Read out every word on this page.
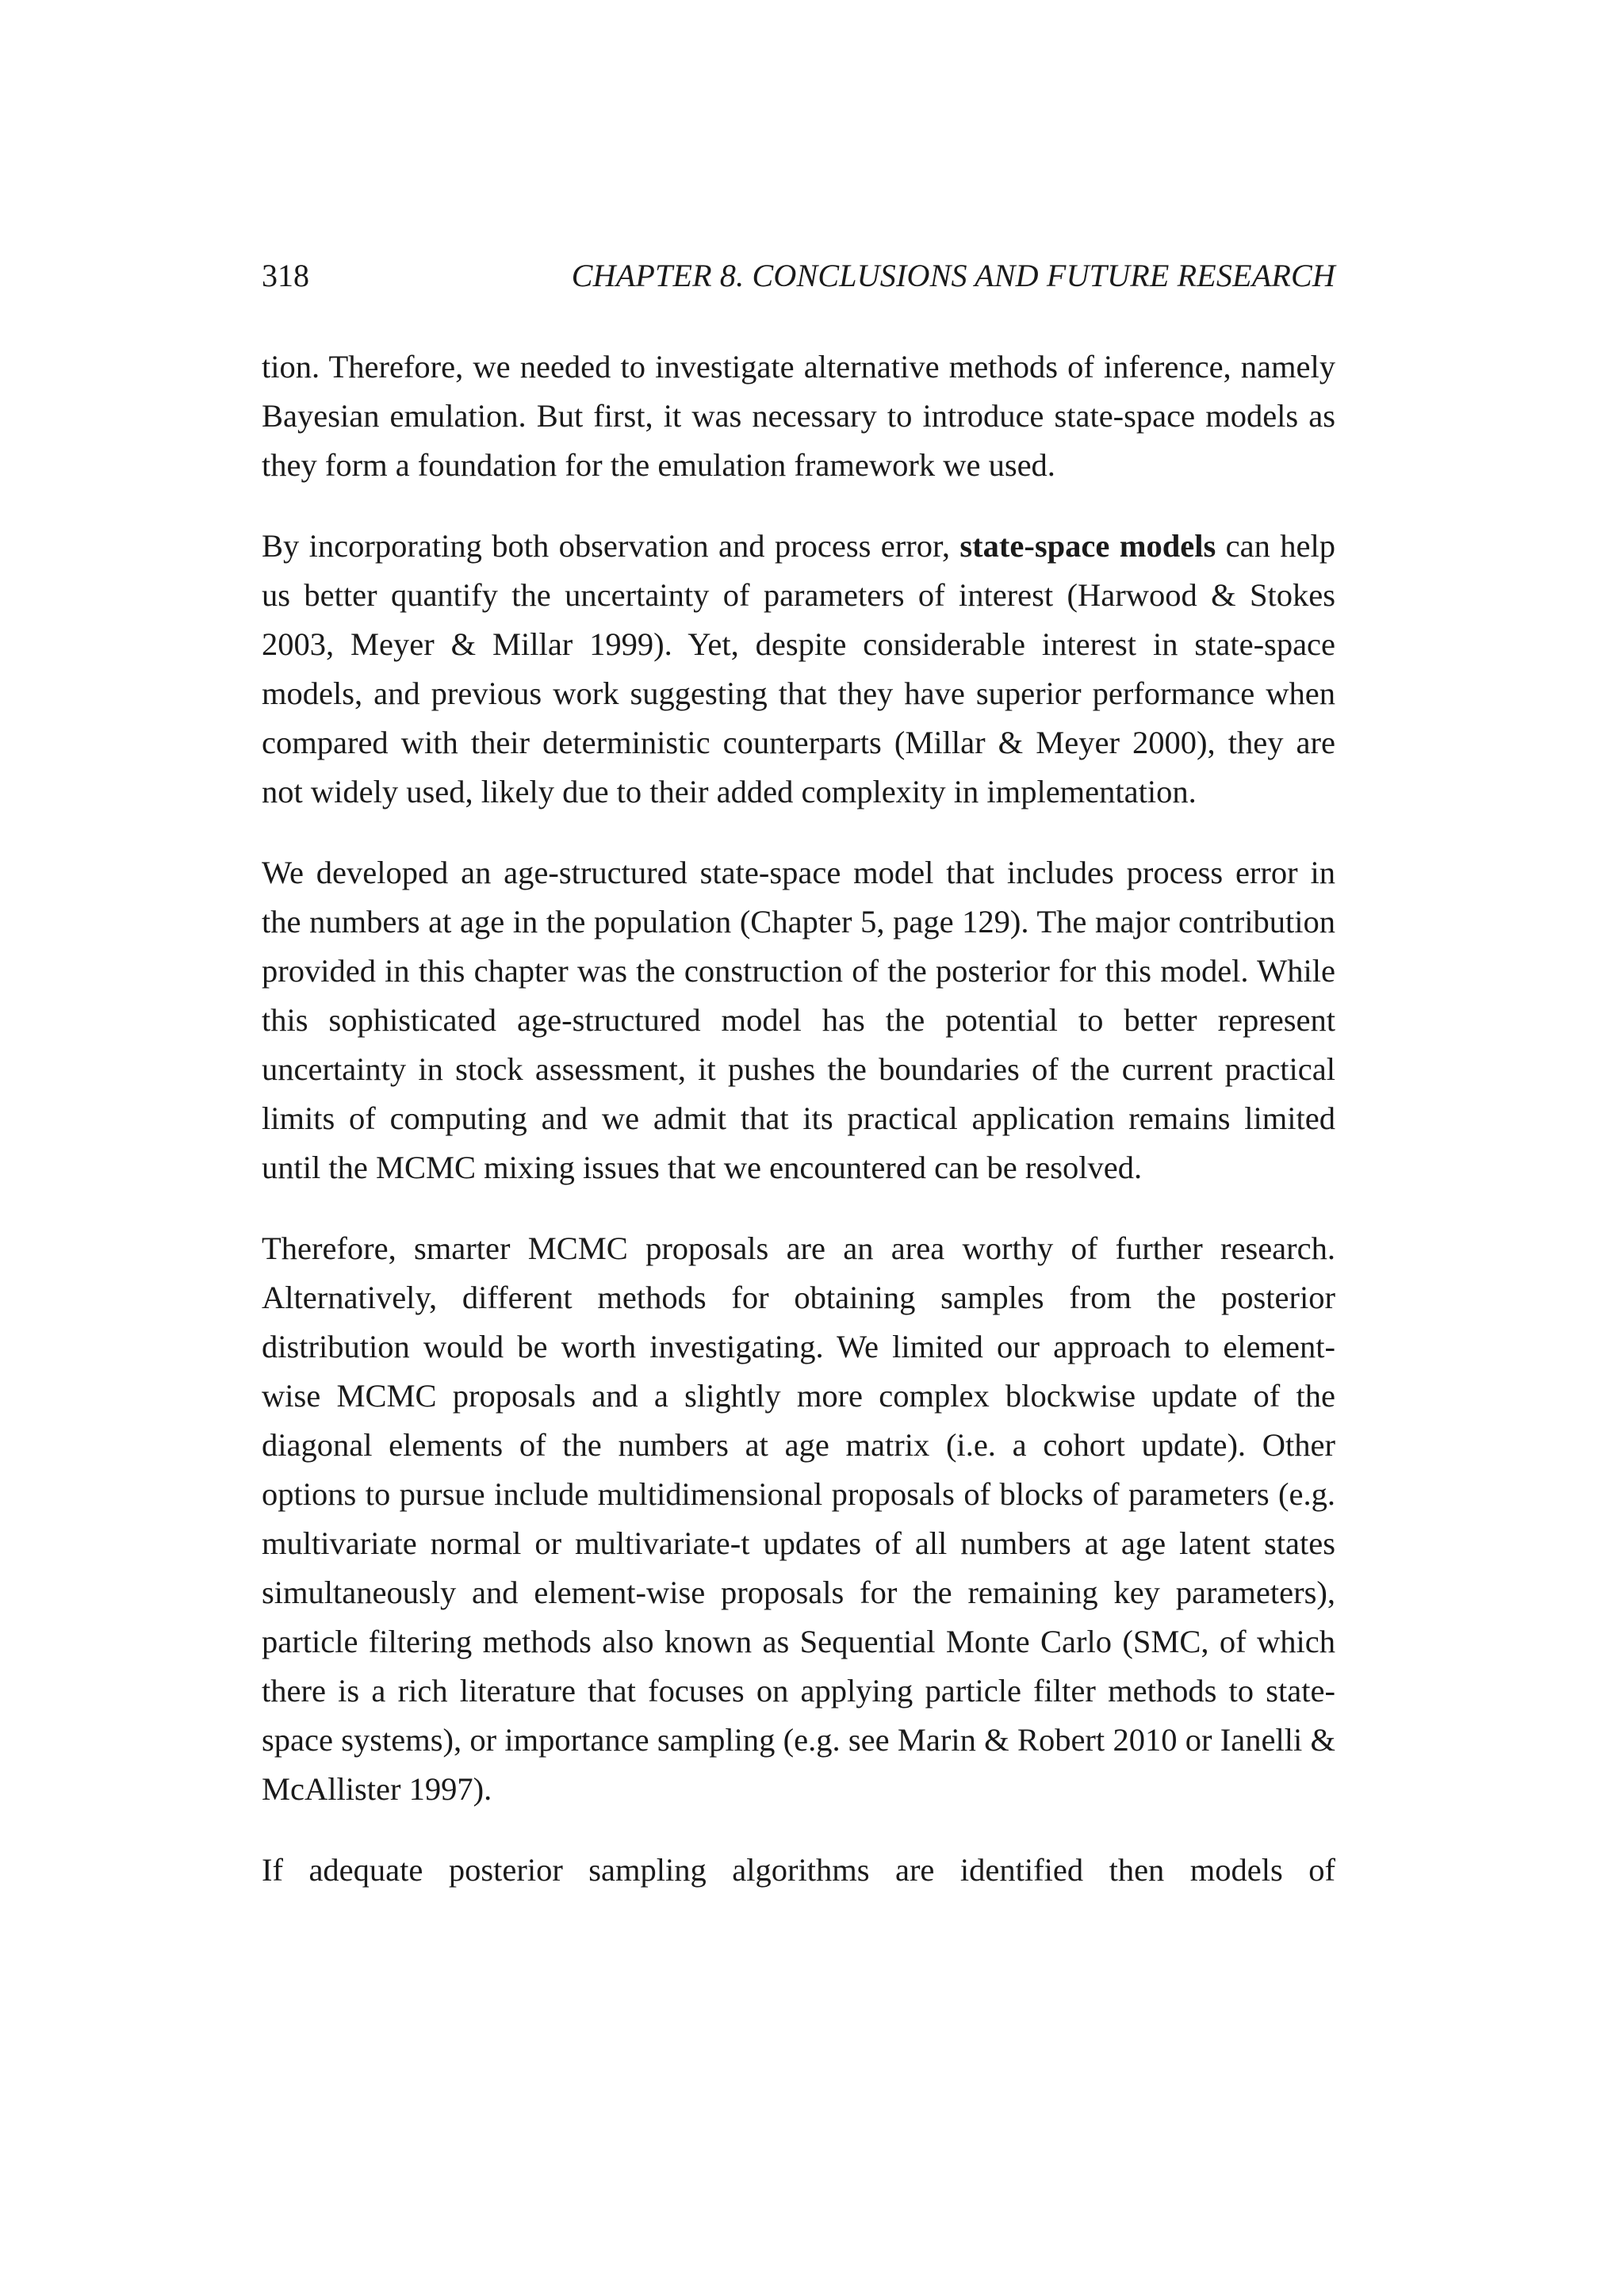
318	CHAPTER 8. CONCLUSIONS AND FUTURE RESEARCH

tion. Therefore, we needed to investigate alternative methods of inference, namely Bayesian emulation. But first, it was necessary to introduce state-space models as they form a foundation for the emulation framework we used.

By incorporating both observation and process error, state-space models can help us better quantify the uncertainty of parameters of interest (Harwood & Stokes 2003, Meyer & Millar 1999). Yet, despite considerable interest in state-space models, and previous work suggesting that they have superior performance when compared with their deterministic counterparts (Millar & Meyer 2000), they are not widely used, likely due to their added complexity in implementation.

We developed an age-structured state-space model that includes process error in the numbers at age in the population (Chapter 5, page 129). The major contribution provided in this chapter was the construction of the posterior for this model. While this sophisticated age-structured model has the potential to better represent uncertainty in stock assessment, it pushes the boundaries of the current practical limits of computing and we admit that its practical application remains limited until the MCMC mixing issues that we encountered can be resolved.

Therefore, smarter MCMC proposals are an area worthy of further research. Alternatively, different methods for obtaining samples from the posterior distribution would be worth investigating. We limited our approach to element-wise MCMC proposals and a slightly more complex blockwise update of the diagonal elements of the numbers at age matrix (i.e. a cohort update). Other options to pursue include multidimensional proposals of blocks of parameters (e.g. multivariate normal or multivariate-t updates of all numbers at age latent states simultaneously and element-wise proposals for the remaining key parameters), particle filtering methods also known as Sequential Monte Carlo (SMC, of which there is a rich literature that focuses on applying particle filter methods to state-space systems), or importance sampling (e.g. see Marin & Robert 2010 or Ianelli & McAllister 1997).

If adequate posterior sampling algorithms are identified then models of
